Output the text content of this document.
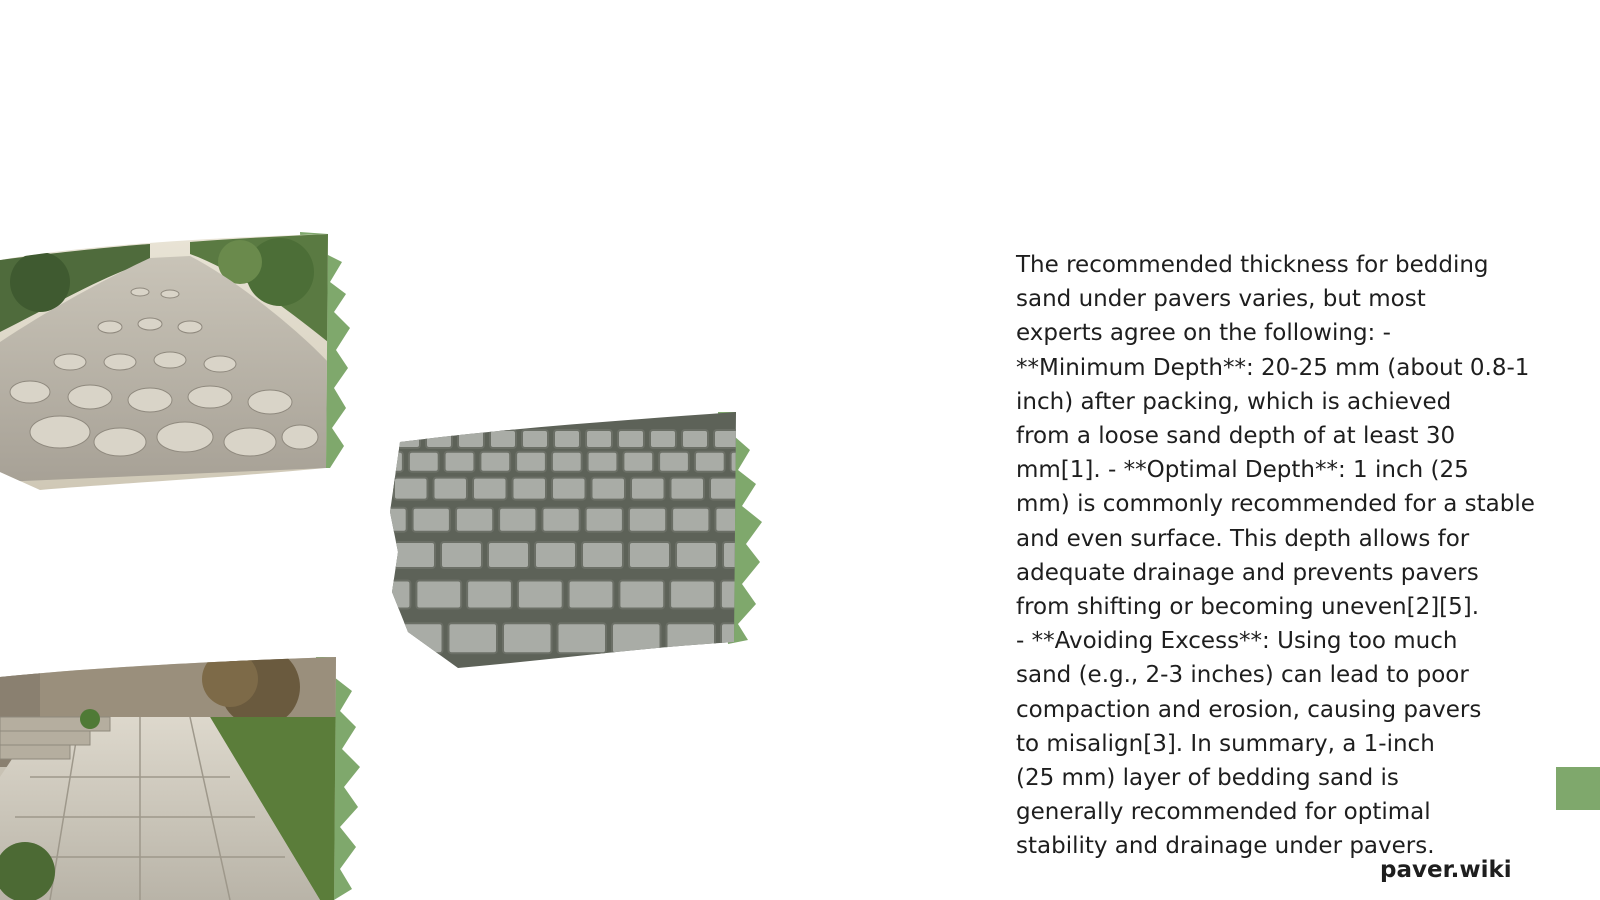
The recommended thickness for bedding
sand under pavers varies, but most
experts agree on the following: -
**Minimum Depth**: 20-25 mm (about 0.8-1
inch) after packing, which is achieved
from a loose sand depth of at least 30
mm[1]. - **Optimal Depth**: 1 inch (25
mm) is commonly recommended for a stable
and even surface. This depth allows for
adequate drainage and prevents pavers
from shifting or becoming uneven[2][5].
- **Avoiding Excess**: Using too much
sand (e.g., 2-3 inches) can lead to poor
compaction and erosion, causing pavers
to misalign[3]. In summary, a 1-inch
(25 mm) layer of bedding sand is
generally recommended for optimal
stability and drainage under pavers.
paver.wiki
